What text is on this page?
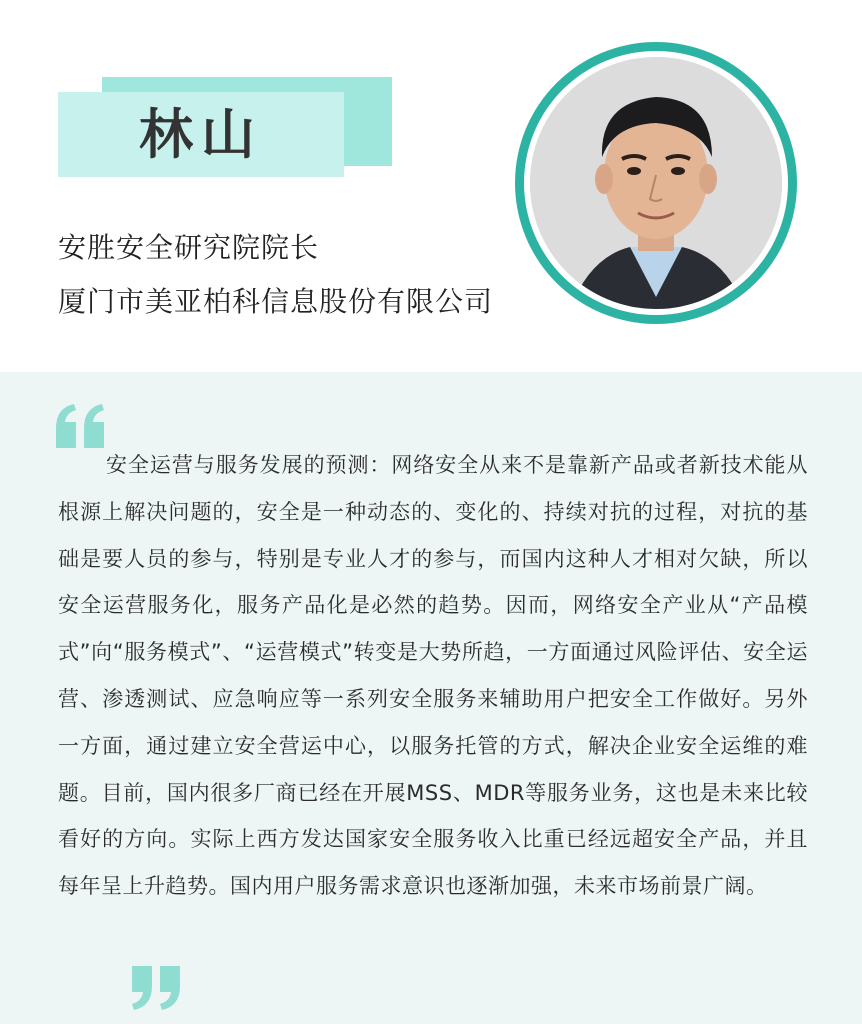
林山
安胜安全研究院院长
厦门市美亚柏科信息股份有限公司

安全运营与服务发展的预测：网络安全从来不是靠新产品或者新技术能从根源上解决问题的，安全是一种动态的、变化的、持续对抗的过程，对抗的基础是要人员的参与，特别是专业人才的参与，而国内这种人才相对欠缺，所以安全运营服务化，服务产品化是必然的趋势。因而，网络安全产业从“产品模式”向“服务模式”、“运营模式”转变是大势所趋，一方面通过风险评估、安全运营、渗透测试、应急响应等一系列安全服务来辅助用户把安全工作做好。另外一方面，通过建立安全营运中心，以服务托管的方式，解决企业安全运维的难题。目前，国内很多厂商已经在开展MSS、MDR等服务业务，这也是未来比较看好的方向。实际上西方发达国家安全服务收入比重已经远超安全产品，并且每年呈上升趋势。国内用户服务需求意识也逐渐加强，未来市场前景广阔。
